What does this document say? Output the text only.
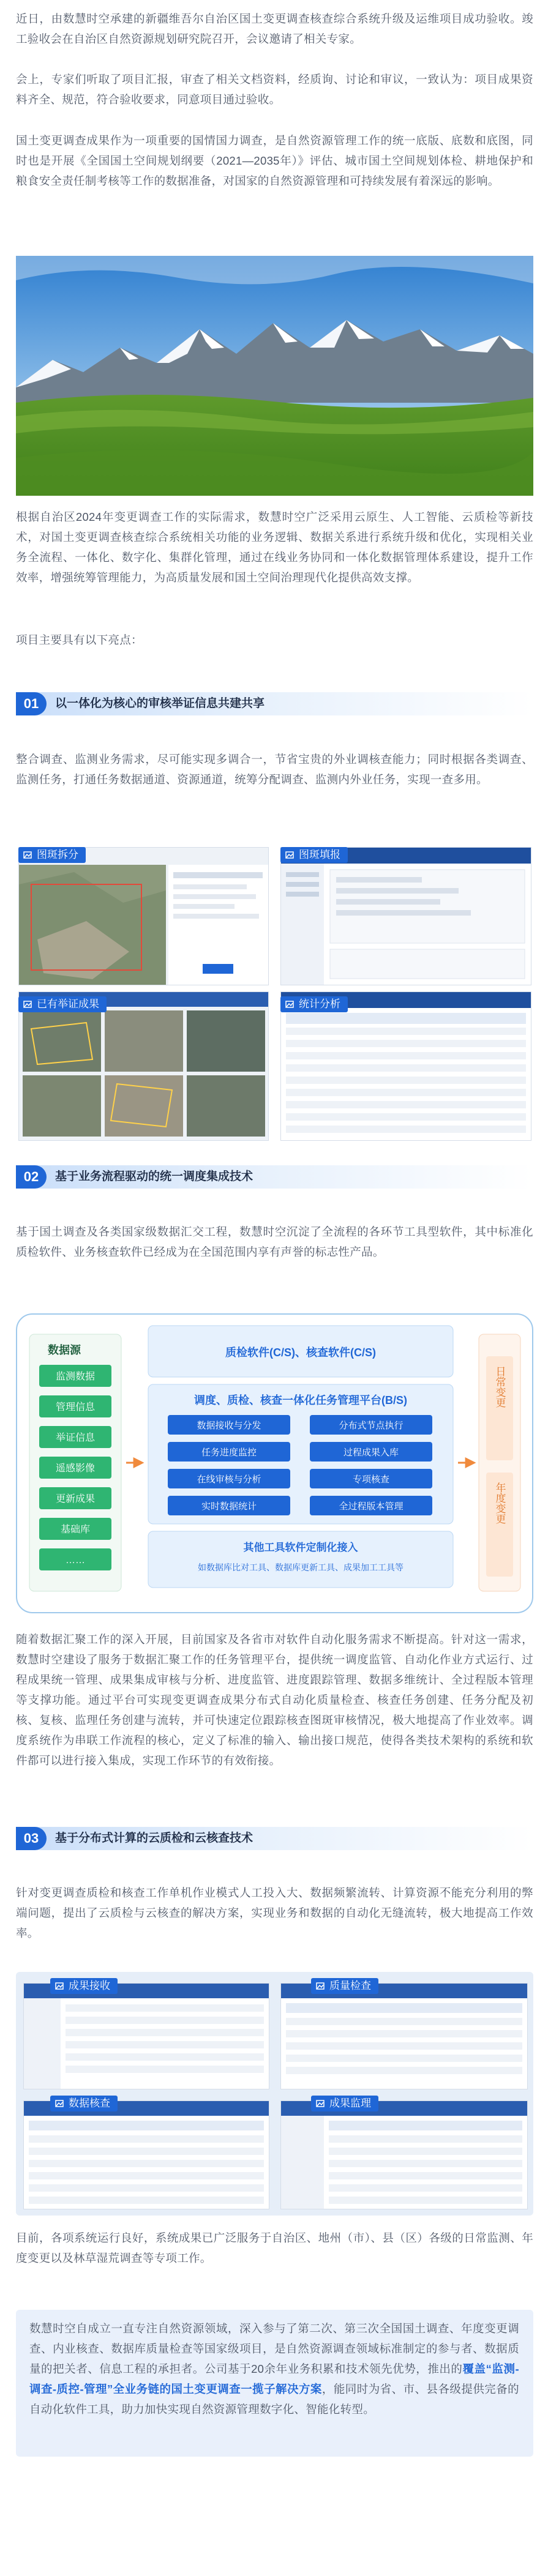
近日，由数慧时空承建的新疆维吾尔自治区国土变更调查核查综合系统升级及运维项目成功验收。竣工验收会在自治区自然资源规划研究院召开，会议邀请了相关专家。

会上，专家们听取了项目汇报，审查了相关文档资料，经质询、讨论和审议，一致认为：项目成果资料齐全、规范，符合验收要求，同意项目通过验收。

国土变更调查成果作为一项重要的国情国力调查，是自然资源管理工作的统一底版、底数和底图，同时也是开展《全国国土空间规划纲要（2021—2035年）》评估、城市国土空间规划体检、耕地保护和粮食安全责任制考核等工作的数据准备，对国家的自然资源管理和可持续发展有着深远的影响。

根据自治区2024年变更调查工作的实际需求，数慧时空广泛采用云原生、人工智能、云质检等新技术，对国土变更调查核查综合系统相关功能的业务逻辑、数据关系进行系统升级和优化，实现相关业务全流程、一体化、数字化、集群化管理，通过在线业务协同和一体化数据管理体系建设，提升工作效率，增强统筹管理能力，为高质量发展和国土空间治理现代化提供高效支撑。

项目主要具有以下亮点：

01	以一体化为核心的审核举证信息共建共享

整合调查、监测业务需求，尽可能实现多调合一，节省宝贵的外业调核查能力；同时根据各类调查、监测任务，打通任务数据通道、资源通道，统筹分配调查、监测内外业任务，实现一查多用。

图斑拆分	图斑填报
已有举证成果	统计分析
02	基于业务流程驱动的统一调度集成技术

基于国土调查及各类国家级数据汇交工程，数慧时空沉淀了全流程的各环节工具型软件，其中标准化质检软件、业务核查软件已经成为在全国范围内享有声誉的标志性产品。

数据源
监测数据
管理信息
举证信息
遥感影像
更新成果
基础库
……
质检软件(C/S)、核查软件(C/S)
调度、质检、核查一体化任务管理平台(B/S)
数据接收与分发	分布式节点执行
任务进度监控	过程成果入库
在线审核与分析	专项核查
实时数据统计	全过程版本管理
其他工具软件定制化接入
如数据库比对工具、数据库更新工具、成果加工工具等
日常变更
年度变更

随着数据汇聚工作的深入开展，目前国家及各省市对软件自动化服务需求不断提高。针对这一需求，数慧时空建设了服务于数据汇聚工作的任务管理平台，提供统一调度监管、自动化作业方式运行、过程成果统一管理、成果集成审核与分析、进度监管、进度跟踪管理、数据多维统计、全过程版本管理等支撑功能。通过平台可实现变更调查成果分布式自动化质量检查、核查任务创建、任务分配及初核、复核、监理任务创建与流转，并可快速定位跟踪核查图斑审核情况，极大地提高了作业效率。调度系统作为串联工作流程的核心，定义了标准的输入、输出接口规范，使得各类技术架构的系统和软件都可以进行接入集成，实现工作环节的有效衔接。

03	基于分布式计算的云质检和云核查技术

针对变更调查质检和核查工作单机作业模式人工投入大、数据频繁流转、计算资源不能充分利用的弊端问题，提出了云质检与云核查的解决方案，实现业务和数据的自动化无缝流转，极大地提高工作效率。

成果接收	质量检查
数据核查	成果监理

目前，各项系统运行良好，系统成果已广泛服务于自治区、地州（市）、县（区）各级的日常监测、年度变更以及林草湿荒调查等专项工作。

数慧时空自成立一直专注自然资源领域，深入参与了第二次、第三次全国国土调查、年度变更调查、内业核查、数据库质量检查等国家级项目，是自然资源调查领域标准制定的参与者、数据质量的把关者、信息工程的承担者。公司基于20余年业务积累和技术领先优势，推出的覆盖“监测-调查-质控-管理”全业务链的国土变更调查一揽子解决方案，能同时为省、市、县各级提供完备的自动化软件工具，助力加快实现自然资源管理数字化、智能化转型。
